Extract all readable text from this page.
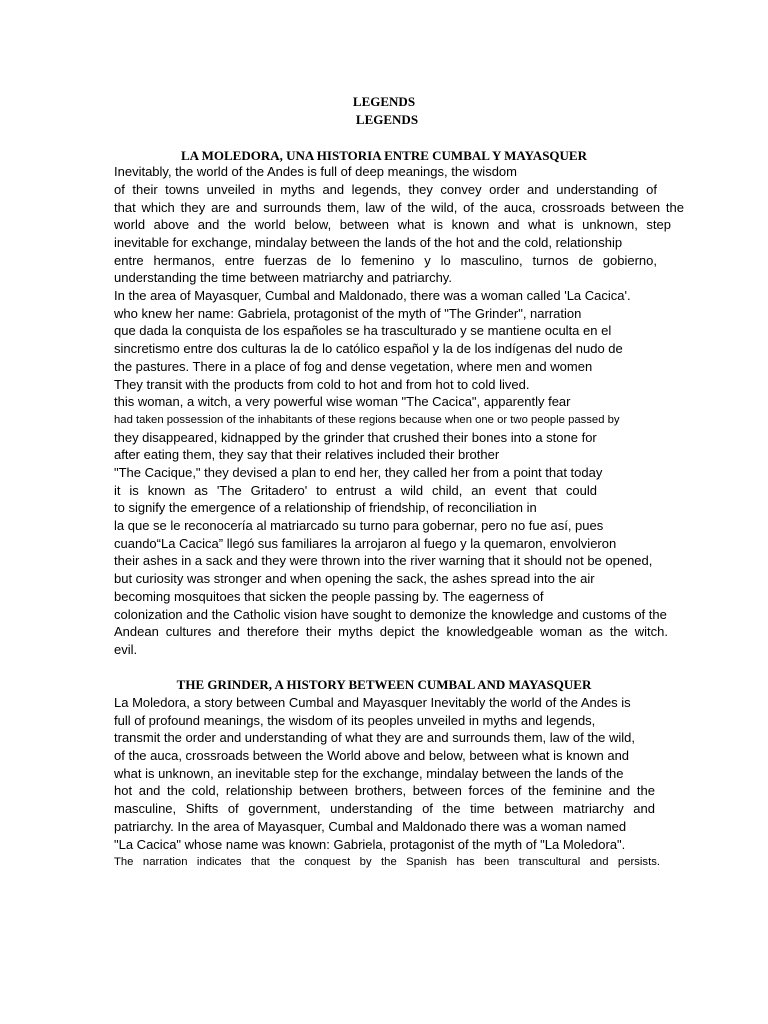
LEGENDS
LEGENDS
LA MOLEDORA, UNA HISTORIA ENTRE CUMBAL Y MAYASQUER
Inevitably, the world of the Andes is full of deep meanings, the wisdom
of their towns unveiled in myths and legends, they convey order and understanding of
that which they are and surrounds them, law of the wild, of the auca, crossroads between the
world above and the world below, between what is known and what is unknown, step
inevitable for exchange, mindalay between the lands of the hot and the cold, relationship
entre hermanos, entre fuerzas de lo femenino y lo masculino, turnos de gobierno,
understanding the time between matriarchy and patriarchy.
In the area of Mayasquer, Cumbal and Maldonado, there was a woman called 'La Cacica'.
who knew her name: Gabriela, protagonist of the myth of "The Grinder", narration
que dada la conquista de los españoles se ha trasculturado y se mantiene oculta en el
sincretismo entre dos culturas la de lo católico español y la de los indígenas del nudo de
the pastures. There in a place of fog and dense vegetation, where men and women
They transit with the products from cold to hot and from hot to cold lived.
this woman, a witch, a very powerful wise woman "The Cacica", apparently fear
had taken possession of the inhabitants of these regions because when one or two people passed by
they disappeared, kidnapped by the grinder that crushed their bones into a stone for
after eating them, they say that their relatives included their brother
"The Cacique," they devised a plan to end her, they called her from a point that today
it is known as 'The Gritadero' to entrust a wild child, an event that could
to signify the emergence of a relationship of friendship, of reconciliation in
la que se le reconocería al matriarcado su turno para gobernar, pero no fue así, pues
cuando“La Cacica” llegó sus familiares la arrojaron al fuego y la quemaron, envolvieron
their ashes in a sack and they were thrown into the river warning that it should not be opened,
but curiosity was stronger and when opening the sack, the ashes spread into the air
becoming mosquitoes that sicken the people passing by. The eagerness of
colonization and the Catholic vision have sought to demonize the knowledge and customs of the
Andean cultures and therefore their myths depict the knowledgeable woman as the witch.
evil.
THE GRINDER, A HISTORY BETWEEN CUMBAL AND MAYASQUER
La Moledora, a story between Cumbal and Mayasquer Inevitably the world of the Andes is
full of profound meanings, the wisdom of its peoples unveiled in myths and legends,
transmit the order and understanding of what they are and surrounds them, law of the wild,
of the auca, crossroads between the World above and below, between what is known and
what is unknown, an inevitable step for the exchange, mindalay between the lands of the
hot and the cold, relationship between brothers, between forces of the feminine and the
masculine, Shifts of government, understanding of the time between matriarchy and
patriarchy. In the area of Mayasquer, Cumbal and Maldonado there was a woman named
"La Cacica" whose name was known: Gabriela, protagonist of the myth of "La Moledora".
The narration indicates that the conquest by the Spanish has been transcultural and persists.
